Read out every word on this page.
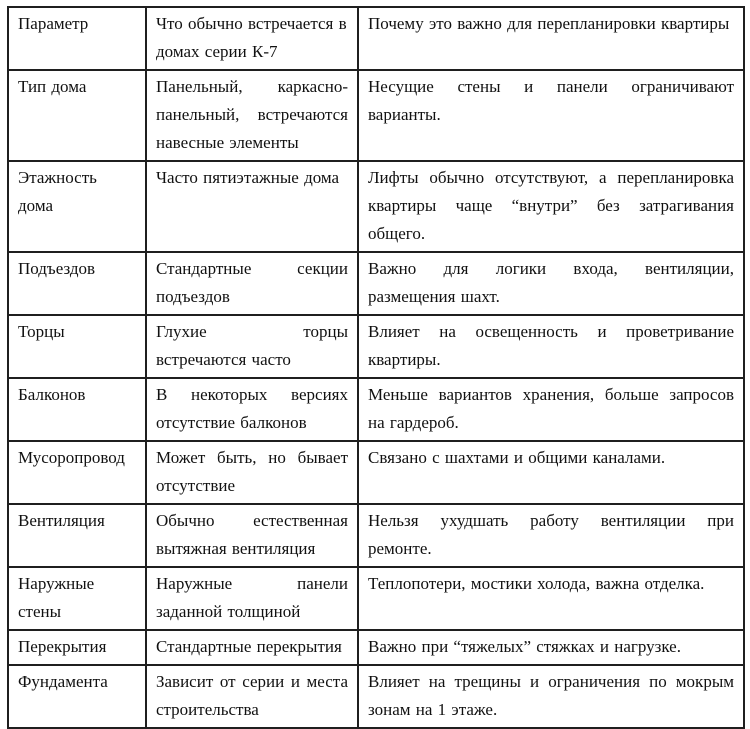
Параметр	Что обычно встречается в домах серии К-7	Почему это важно для перепланировки квартиры
Тип дома	Панельный, каркасно-панельный, встречаются навесные элементы	Несущие стены и панели ограничивают варианты.
Этажность дома	Часто пятиэтажные дома	Лифты обычно отсутствуют, а перепланировка квартиры чаще “внутри” без затрагивания общего.
Подъездов	Стандартные секции подъездов	Важно для логики входа, вентиляции, размещения шахт.
Торцы	Глухие торцы встречаются часто	Влияет на освещенность и проветривание квартиры.
Балконов	В некоторых версиях отсутствие балконов	Меньше вариантов хранения, больше запросов на гардероб.
Мусоропровод	Может быть, но бывает отсутствие	Связано с шахтами и общими каналами.
Вентиляция	Обычно естественная вытяжная вентиляция	Нельзя ухудшать работу вентиляции при ремонте.
Наружные стены	Наружные панели заданной толщиной	Теплопотери, мостики холода, важна отделка.
Перекрытия	Стандартные перекрытия	Важно при “тяжелых” стяжках и нагрузке.
Фундамента	Зависит от серии и места строительства	Влияет на трещины и ограничения по мокрым зонам на 1 этаже.
